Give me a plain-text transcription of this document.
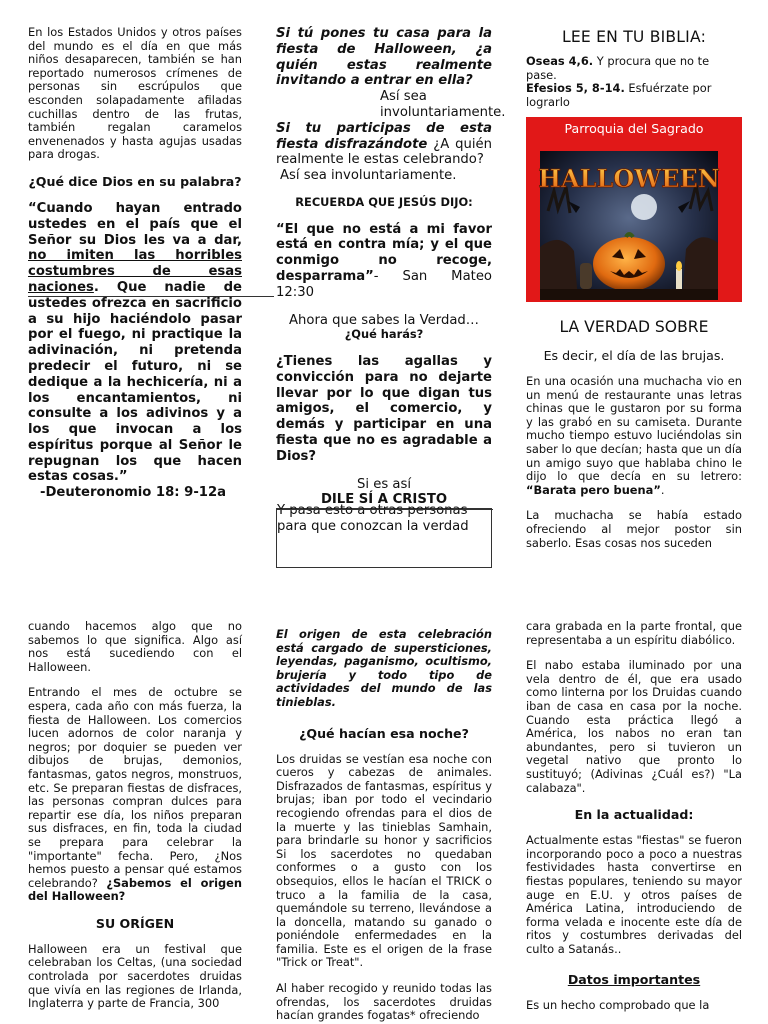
En los Estados Unidos y otros países del mundo es el día en que más niños desaparecen, también se han reportado numerosos crímenes de personas sin escrúpulos que esconden solapadamente afiladas cuchillas dentro de las frutas, también regalan caramelos envenenados y hasta agujas usadas para drogas.

¿Qué dice Dios en su palabra?

“Cuando hayan entrado ustedes en el país que el Señor su Dios les va a dar, no imiten las horribles costumbres de esas naciones. Que nadie de ustedes ofrezca en sacrificio a su hijo haciéndolo pasar por el fuego, ni practique la adivinación, ni pretenda predecir el futuro, ni se dedique a la hechicería, ni a los encantamientos, ni consulte a los adivinos y a los que invocan a los espíritus porque al Señor le repugnan los que hacen estas cosas.”

-Deuteronomio 18: 9-12a

Si tú pones tu casa para la fiesta de Halloween, ¿a quién estas realmente invitando a entrar en ella?

Así sea involuntariamente.

Si tu participas de esta fiesta disfrazándote ¿A quién realmente le estas celebrando?

Así sea involuntariamente.

RECUERDA QUE JESÚS DIJO:

“El que no está a mi favor está en contra mía; y el que conmigo no recoge, desparrama”- San Mateo 12:30

Ahora que sabes la Verdad…

¿Qué harás?

¿Tienes las agallas y convicción para no dejarte llevar por lo que digan tus amigos, el comercio, y demás y participar en una fiesta que no es agradable a Dios?

Si es así

DILE SÍ A CRISTO

Y pasa esto a otras personas para que conozcan la verdad

LEE EN TU BIBLIA:

Oseas 4,6. Y procura que no te pase.

Efesios 5, 8-14. Esfuérzate por lograrlo

Parroquia del Sagrado

HALLOWEEN

LA VERDAD SOBRE

Es decir, el día de las brujas.

En una ocasión una muchacha vio en un menú de restaurante unas letras chinas que le gustaron por su forma y las grabó en su camiseta. Durante mucho tiempo estuvo luciéndolas sin saber lo que decían; hasta que un día un amigo suyo que hablaba chino le dijo lo que decía en su letrero: “Barata pero buena”.

La muchacha se había estado ofreciendo al mejor postor sin saberlo. Esas cosas nos suceden

cuando hacemos algo que no sabemos lo que significa. Algo así nos está sucediendo con el Halloween.

Entrando el mes de octubre se espera, cada año con más fuerza, la fiesta de Halloween. Los comercios lucen adornos de color naranja y negros; por doquier se pueden ver dibujos de brujas, demonios, fantasmas, gatos negros, monstruos, etc. Se preparan fiestas de disfraces, las personas compran dulces para repartir ese día, los niños preparan sus disfraces, en fin, toda la ciudad se prepara para celebrar la "importante" fecha. Pero, ¿Nos hemos puesto a pensar qué estamos celebrando? ¿Sabemos el origen del Halloween?

SU ORÍGEN

Halloween era un festival que celebraban los Celtas, (una sociedad controlada por sacerdotes druidas que vivía en las regiones de Irlanda, Inglaterra y parte de Francia, 300

El origen de esta celebración está cargado de supersticiones, leyendas, paganismo, ocultismo, brujería y todo tipo de actividades del mundo de las tinieblas.

¿Qué hacían esa noche?

Los druidas se vestían esa noche con cueros y cabezas de animales. Disfrazados de fantasmas, espíritus y brujas; iban por todo el vecindario recogiendo ofrendas para el dios de la muerte y las tinieblas Samhain, para brindarle su honor y sacrificios Si los sacerdotes no quedaban conformes o a gusto con los obsequios, ellos le hacían el TRICK o truco a la familia de la casa, quemándole su terreno, llevándose a la doncella, matando su ganado o poniéndole enfermedades en la familia. Este es el origen de la frase "Trick or Treat".

Al haber recogido y reunido todas las ofrendas, los sacerdotes druidas hacían grandes fogatas* ofreciendo

cara grabada en la parte frontal, que representaba a un espíritu diabólico.

El nabo estaba iluminado por una vela dentro de él, que era usado como linterna por los Druidas cuando iban de casa en casa por la noche. Cuando esta práctica llegó a América, los nabos no eran tan abundantes, pero si tuvieron un vegetal nativo que pronto lo sustituyó; (Adivinas ¿Cuál es?) "La calabaza".

En la actualidad:

Actualmente estas "fiestas" se fueron incorporando poco a poco a nuestras festividades hasta convertirse en fiestas populares, teniendo su mayor auge en E.U. y otros países de América Latina, introduciendo de forma velada e inocente este día de ritos y costumbres derivadas del culto a Satanás..

Datos importantes

Es un hecho comprobado que la
